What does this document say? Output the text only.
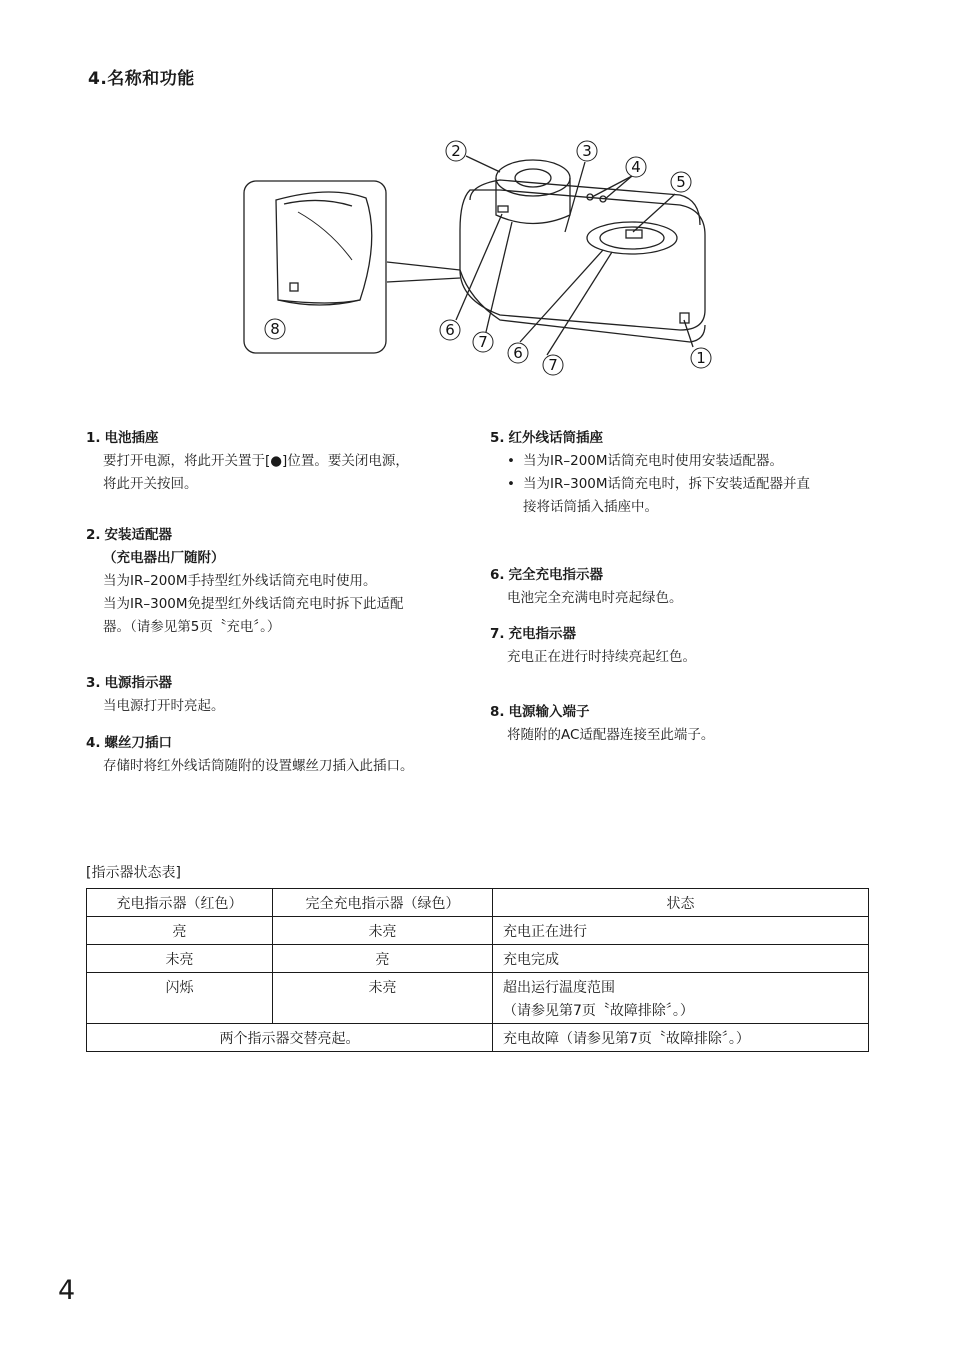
4.名称和功能
2	3
4
5
8	6
7
6
7	1
1. 电池插座
要打开电源，将此开关置于[●]位置。要关闭电源，
将此开关按回。
2. 安装适配器
（充电器出厂随附）
当为IR–200M手持型红外线话筒充电时使用。
当为IR–300M免提型红外线话筒充电时拆下此适配
器。（请参见第5页〝充电〞。）
3. 电源指示器
当电源打开时亮起。
4. 螺丝刀插口
存储时将红外线话筒随附的设置螺丝刀插入此插口。
5. 红外线话筒插座
• 当为IR–200M话筒充电时使用安装适配器。
• 当为IR–300M话筒充电时，拆下安装适配器并直
接将话筒插入插座中。
6. 完全充电指示器
电池完全充满电时亮起绿色。
7. 充电指示器
充电正在进行时持续亮起红色。
8. 电源输入端子
将随附的AC适配器连接至此端子。
[指示器状态表]
充电指示器（红色）	完全充电指示器（绿色）	状态
亮	未亮	充电正在进行
未亮	亮	充电完成
闪烁	未亮	超出运行温度范围
（请参见第7页〝故障排除〞。）

两个指示器交替亮起。		充电故障（请参见第7页〝故障排除〞。）
4
